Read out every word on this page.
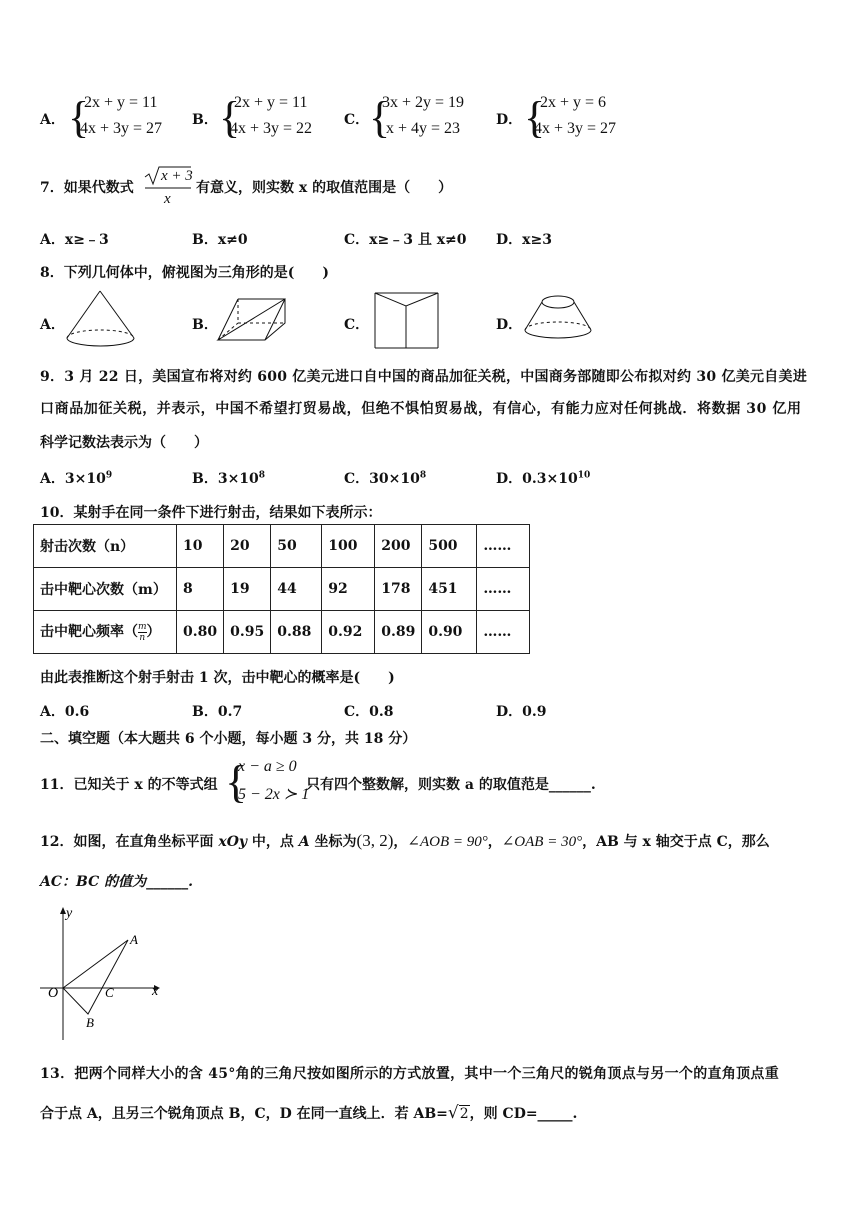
A． {
2x + y = 11
4x + 3y = 27 B． {
2x + y = 11
4x + 3y = 22 C． {
3x + 2y = 19
x + 4y = 23	D． {
2x + y = 6
4x + 3y = 27
7．如果代数式
x + 3
x
有意义，则实数 x 的取值范围是（　　）
A．x≥﹣3	B．x≠0	C．x≥﹣3 且 x≠0 D．x≥3
8．下列几何体中，俯视图为三角形的是(　　)
A．	B．	C．	D．
9．3 月 22 日，美国宣布将对约 600 亿美元进口自中国的商品加征关税，中国商务部随即公布拟对约 30 亿美元自美进
口商品加征关税，并表示，中国不希望打贸易战，但绝不惧怕贸易战，有信心，有能力应对任何挑战．将数据 30 亿用
科学记数法表示为（　　）
A．$3\times 10^9$	B．$3\times 10^8$	C．$30\times 10^8$	D．$0.3\times 10^{10}$
10．某射手在同一条件下进行射击，结果如下表所示：
射击次数（n）	10	20	50	100	200	500	……
击中靶心次数（m）	8	19	44	92	178	451	……
击中靶心频率（ $\frac{m}{n}$ ）	0.80	0.95	0.88	0.92	0.89	0.90	……
由此表推断这个射手射击 1 次，击中靶心的概率是(　　)
A．0.6	B．0.7	C．0.8	D．0.9
二、填空题（本大题共 6 个小题，每小题 3 分，共 18 分）
11．已知关于 x 的不等式组 {
x − a ≥ 0
5 − 2x ≻ 1
只有四个整数解，则实数 a 的取值范是______.
12．如图，在直角坐标平面 xOy 中，点 A 坐标为(3, 2)，∠AOB = 90°，∠OAB = 30°，AB 与 x 轴交于点 C，那么
AC：BC 的值为______.
y
x
O
A
B
C
13．把两个同样大小的含 45°角的三角尺按如图所示的方式放置，其中一个三角尺的锐角顶点与另一个的直角顶点重
合于点 A，且另三个锐角顶点 B，C，D 在同一直线上．若 AB=√2，则 CD=_____.
